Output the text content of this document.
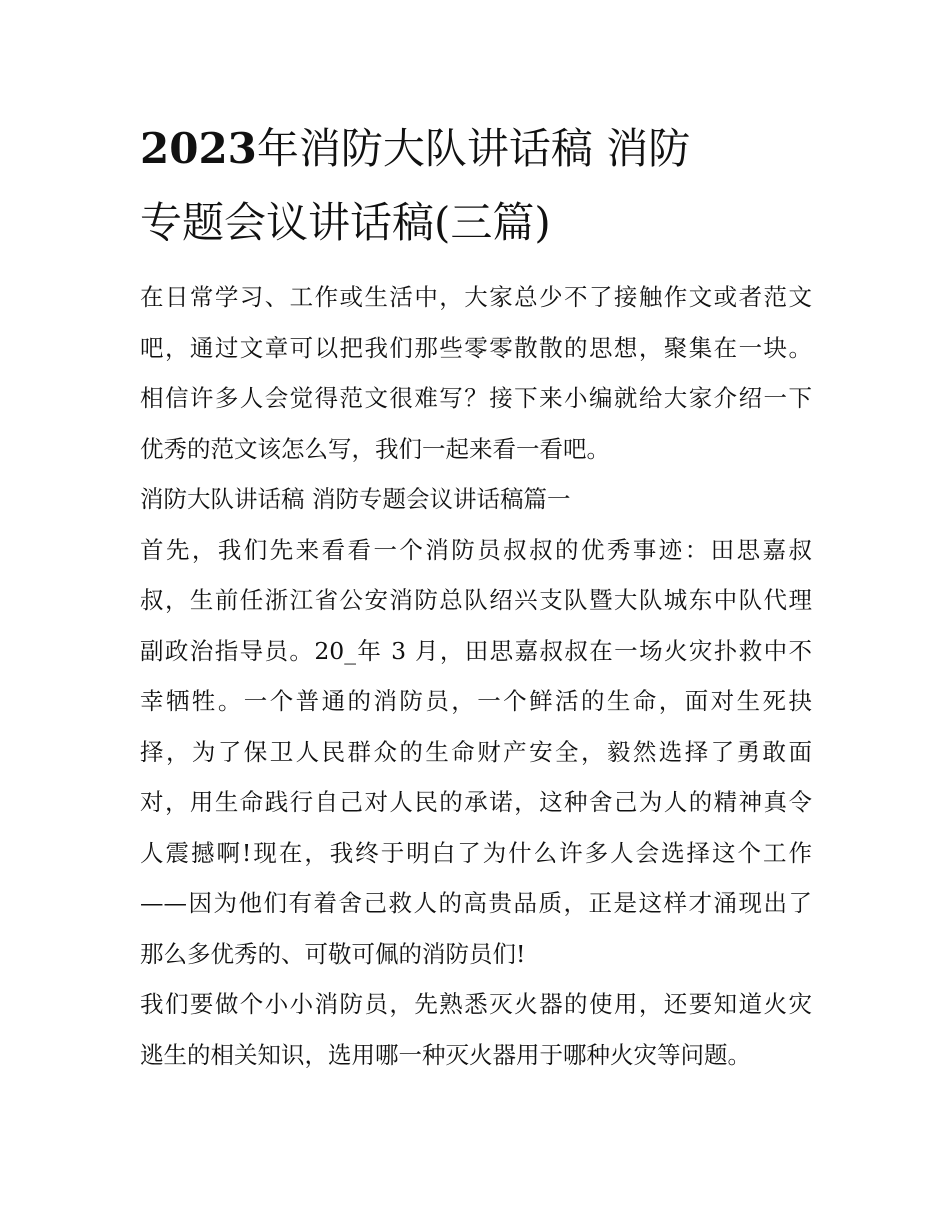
2023年消防大队讲话稿 消防
专题会议讲话稿(三篇)
在日常学习、工作或生活中，大家总少不了接触作文或者范文
吧，通过文章可以把我们那些零零散散的思想，聚集在一块。
相信许多人会觉得范文很难写？接下来小编就给大家介绍一下
优秀的范文该怎么写，我们一起来看一看吧。
消防大队讲话稿 消防专题会议讲话稿篇一
首先，我们先来看看一个消防员叔叔的优秀事迹：田思嘉叔
叔，生前任浙江省公安消防总队绍兴支队暨大队城东中队代理
副政治指导员。20_年 3 月，田思嘉叔叔在一场火灾扑救中不
幸牺牲。一个普通的消防员，一个鲜活的生命，面对生死抉
择，为了保卫人民群众的生命财产安全，毅然选择了勇敢面
对，用生命践行自己对人民的承诺，这种舍己为人的精神真令
人震撼啊!现在，我终于明白了为什么许多人会选择这个工作
——因为他们有着舍己救人的高贵品质，正是这样才涌现出了
那么多优秀的、可敬可佩的消防员们!
我们要做个小小消防员，先熟悉灭火器的使用，还要知道火灾
逃生的相关知识，选用哪一种灭火器用于哪种火灾等问题。
